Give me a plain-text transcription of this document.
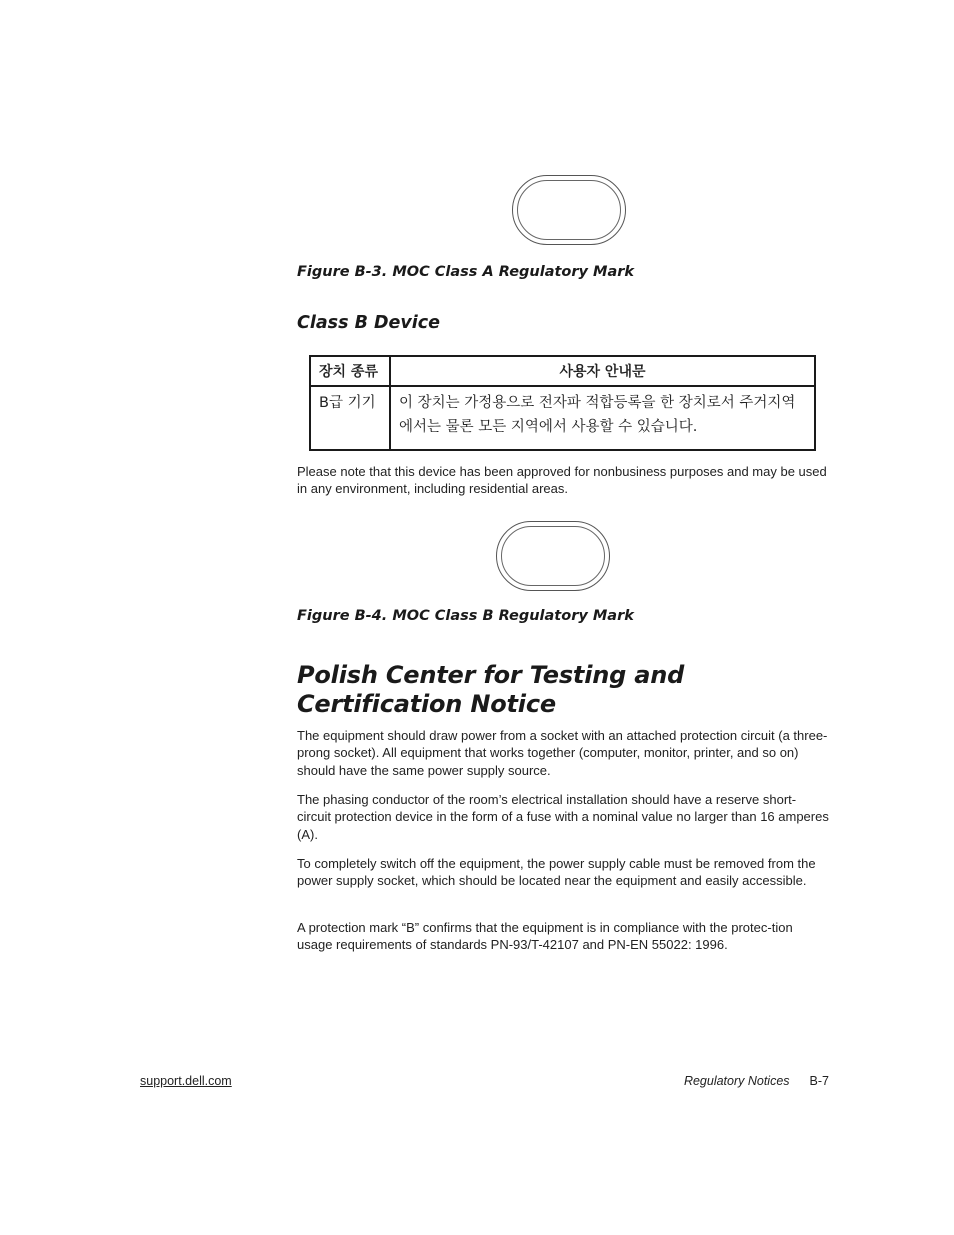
Figure B-3. MOC Class A Regulatory Mark
Class B Device
장치 종류	사용자 안내문
B급 기기	이 장치는 가정용으로 전자파 적합등록을 한 장치로서 주거지역
에서는 물론 모든 지역에서 사용할 수 있습니다.
Please note that this device has been approved for nonbusiness purposes and may be used in any environment, including residential areas.
Figure B-4. MOC Class B Regulatory Mark
Polish Center for Testing and Certification Notice
The equipment should draw power from a socket with an attached protection circuit (a three-prong socket). All equipment that works together (computer, monitor, printer, and so on) should have the same power supply source.
The phasing conductor of the room’s electrical installation should have a reserve short-circuit protection device in the form of a fuse with a nominal value no larger than 16 amperes (A).
To completely switch off the equipment, the power supply cable must be removed from the power supply socket, which should be located near the equipment and easily accessible.
A protection mark “B” confirms that the equipment is in compliance with the protec-tion usage requirements of standards PN-93/T-42107 and PN-EN 55022: 1996.
support.dell.com	Regulatory Notices B-7
